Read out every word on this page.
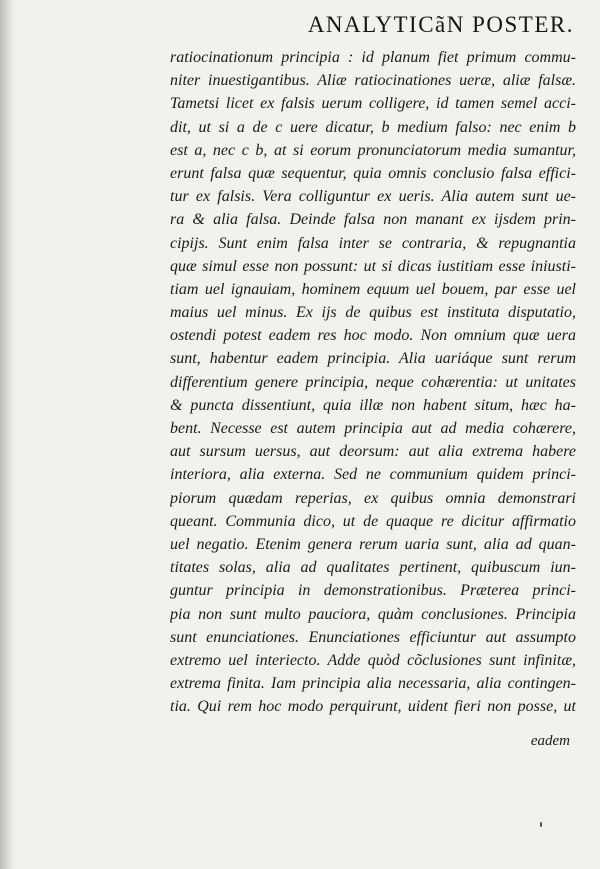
ANALYTICãN POSTER.
ratiocinationum principia : id planum fiet primum commu-
niter inuestigantibus. Aliæ ratiocinationes ueræ, aliæ falsæ.
Tametsi licet ex falsis uerum colligere, id tamen semel acci-
dit, ut si a de c uere dicatur, b medium falso: nec enim b
est a, nec c b, at si eorum pronunciatorum media sumantur,
erunt falsa quæ sequentur, quia omnis conclusio falsa effici-
tur ex falsis. Vera colliguntur ex ueris. Alia autem sunt ue-
ra & alia falsa. Deinde falsa non manant ex ijsdem prin-
cipijs. Sunt enim falsa inter se contraria, & repugnantia
quæ simul esse non possunt: ut si dicas iustitiam esse iniusti-
tiam uel ignauiam, hominem equum uel bouem, par esse uel
maius uel minus. Ex ijs de quibus est instituta disputatio,
ostendi potest eadem res hoc modo. Non omnium quæ uera
sunt, habentur eadem principia. Alia uariáque sunt rerum
differentium genere principia, neque cohærentia: ut unitates
& puncta dissentiunt, quia illæ non habent situm, hæc ha-
bent. Necesse est autem principia aut ad media cohærere,
aut sursum uersus, aut deorsum: aut alia extrema habere
interiora, alia externa. Sed ne communium quidem princi-
piorum quædam reperias, ex quibus omnia demonstrari
queant. Communia dico, ut de quaque re dicitur affirmatio
uel negatio. Etenim genera rerum uaria sunt, alia ad quan-
titates solas, alia ad qualitates pertinent, quibuscum iun-
guntur principia in demonstrationibus. Præterea princi-
pia non sunt multo pauciora, quàm conclusiones. Principia
sunt enunciationes. Enunciationes efficiuntur aut assumpto
extremo uel interiecto. Adde quòd cõclusiones sunt infinitæ,
extrema finita. Iam principia alia necessaria, alia contingen-
tia. Qui rem hoc modo perquirunt, uident fieri non posse, ut
eadem
